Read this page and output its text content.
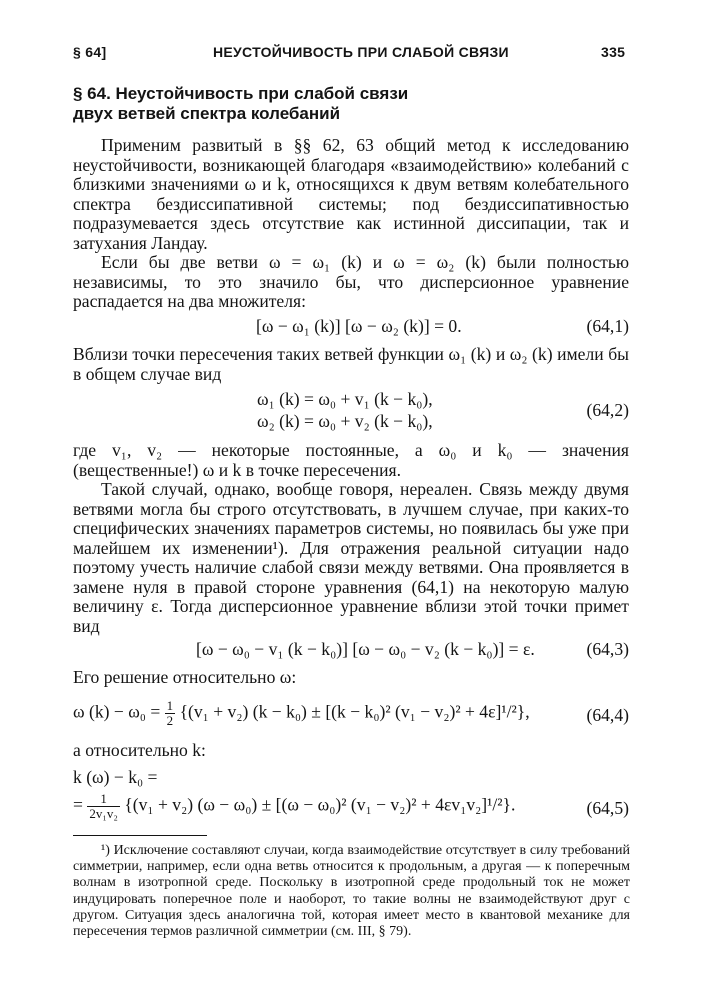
§ 64]	НЕУСТОЙЧИВОСТЬ ПРИ СЛАБОЙ СВЯЗИ	335
§ 64. Неустойчивость при слабой связи
двух ветвей спектра колебаний

Применим развитый в §§ 62, 63 общий метод к исследованию неустойчивости, возникающей благодаря «взаимодействию» колебаний с близкими значениями ω и k, относящихся к двум ветвям колебательного спектра бездиссипативной системы; под бездиссипативностью подразумевается здесь отсутствие как истинной диссипации, так и затухания Ландау.

Если бы две ветви ω = ω₁ (k) и ω = ω₂ (k) были полностью независимы, то это значило бы, что дисперсионное уравнение распадается на два множителя:

[ω − ω₁ (k)] [ω − ω₂ (k)] = 0.	(64,1)

Вблизи точки пересечения таких ветвей функции ω₁ (k) и ω₂ (k) имели бы в общем случае вид

ω₁ (k) = ω₀ + v₁ (k − k₀),
ω₂ (k) = ω₀ + v₂ (k − k₀),
(64,2)

где v₁, v₂ — некоторые постоянные, а ω₀ и k₀ — значения (вещественные!) ω и k в точке пересечения.

Такой случай, однако, вообще говоря, нереален. Связь между двумя ветвями могла бы строго отсутствовать, в лучшем случае, при каких-то специфических значениях параметров системы, но появилась бы уже при малейшем их изменении¹). Для отражения реальной ситуации надо поэтому учесть наличие слабой связи между ветвями. Она проявляется в замене нуля в правой стороне уравнения (64,1) на некоторую малую величину ε. Тогда дисперсионное уравнение вблизи этой точки примет вид

[ω − ω₀ − v₁ (k − k₀)] [ω − ω₀ − v₂ (k − k₀)] = ε.	(64,3)

Его решение относительно ω:

ω $(k) - \omega_0 = \frac{1}{2} \{(v_1 + v_2) (k - k_0) \pm [(k - k_0)^2$ (v₁ − v₂)² + 4ε]¹/²},	(64,4)

а относительно k:

k (ω) − k₀ =
= $\frac{1}{\text{2v₁v₂}} \{(v_1 + v_2) (\omega - \omega_0) \pm [(\omega - \omega_0)^2$ (v₁ − v₂)² + 4εv₁v₂]¹/²}.	(64,5)
¹) Исключение составляют случаи, когда взаимодействие отсутствует в силу требований симметрии, например, если одна ветвь относится к продольным, а другая — к поперечным волнам в изотропной среде. Поскольку в изотропной среде продольный ток не может индуцировать поперечное поле и наоборот, то такие волны не взаимодействуют друг с другом. Ситуация здесь аналогична той, которая имеет место в квантовой механике для пересечения термов различной симметрии (см. III, § 79).
